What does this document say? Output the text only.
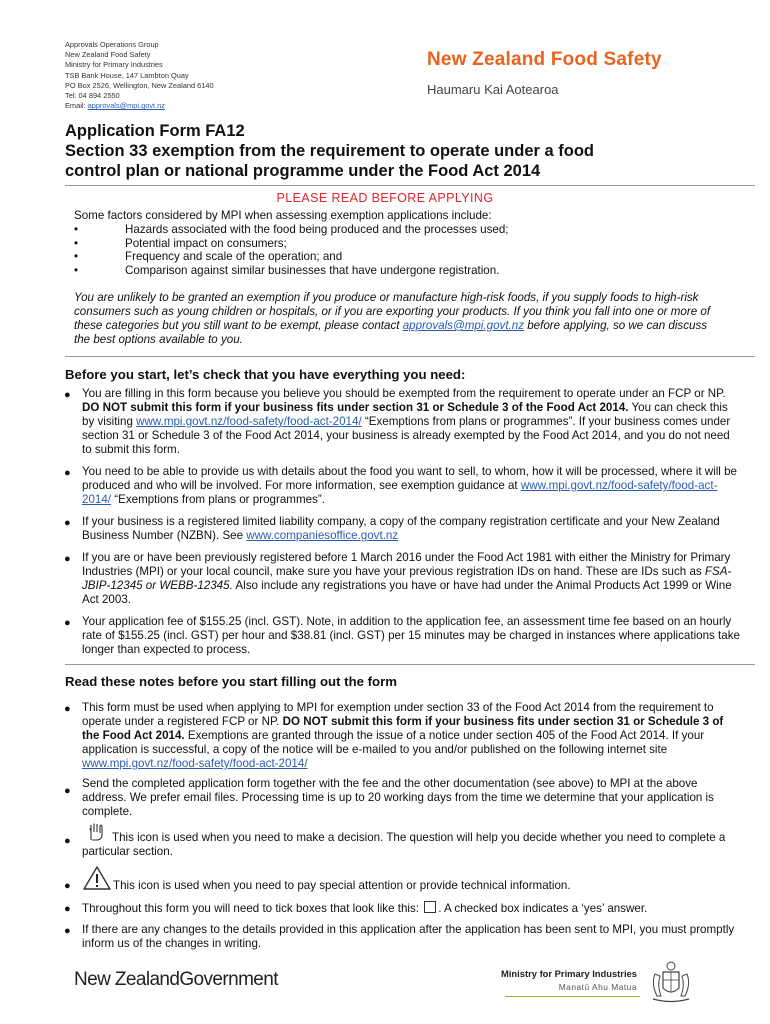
Approvals Operations Group
New Zealand Food Safety
Ministry for Primary Industries
TSB Bank House, 147 Lambton Quay
PO Box 2526, Wellington, New Zealand 6140
Tel: 04 894 2550
Email: approvals@mpi.govt.nz
New Zealand Food Safety
Haumaru Kai Aotearoa
Application Form FA12
Section 33 exemption from the requirement to operate under a food
control plan or national programme under the Food Act 2014
PLEASE READ BEFORE APPLYING
Some factors considered by MPI when assessing exemption applications include:
•	Hazards associated with the food being produced and the processes used;
•	Potential impact on consumers;
•	Frequency and scale of the operation; and
•	Comparison against similar businesses that have undergone registration.
You are unlikely to be granted an exemption if you produce or manufacture high-risk foods, if you supply foods to high-risk consumers such as young children or hospitals, or if you are exporting your products. If you think you fall into one or more of these categories but you still want to be exempt, please contact approvals@mpi.govt.nz before applying, so we can discuss the best options available to you.
Before you start, let’s check that you have everything you need:
● You are filling in this form because you believe you should be exempted from the requirement to operate under an FCP or NP. DO NOT submit this form if your business fits under section 31 or Schedule 3 of the Food Act 2014. You can check this by visiting www.mpi.govt.nz/food-safety/food-act-2014/ “Exemptions from plans or programmes”. If your business comes under section 31 or Schedule 3 of the Food Act 2014, your business is already exempted by the Food Act 2014, and you do not need to submit this form.
● You need to be able to provide us with details about the food you want to sell, to whom, how it will be processed, where it will be produced and who will be involved. For more information, see exemption guidance at www.mpi.govt.nz/food-safety/food-act-2014/ “Exemptions from plans or programmes”.
● If your business is a registered limited liability company, a copy of the company registration certificate and your New Zealand Business Number (NZBN). See www.companiesoffice.govt.nz
● If you are or have been previously registered before 1 March 2016 under the Food Act 1981 with either the Ministry for Primary Industries (MPI) or your local council, make sure you have your previous registration IDs on hand. These are IDs such as FSA-JBIP-12345 or WEBB-12345. Also include any registrations you have or have had under the Animal Products Act 1999 or Wine Act 2003.
● Your application fee of $155.25 (incl. GST). Note, in addition to the application fee, an assessment time fee based on an hourly rate of $155.25 (incl. GST) per hour and $38.81 (incl. GST) per 15 minutes may be charged in instances where applications take longer than expected to process.
Read these notes before you start filling out the form
● This form must be used when applying to MPI for exemption under section 33 of the Food Act 2014 from the requirement to operate under a registered FCP or NP. DO NOT submit this form if your business fits under section 31 or Schedule 3 of the Food Act 2014. Exemptions are granted through the issue of a notice under section 405 of the Food Act 2014. If your application is successful, a copy of the notice will be e-mailed to you and/or published on the following internet site www.mpi.govt.nz/food-safety/food-act-2014/
●
Send the completed application form together with the fee and the other documentation (see above) to MPI at the above address. We prefer email files. Processing time is up to 20 working days from the time we determine that your application is complete.
●	This icon is used when you need to make a decision. The question will help you decide whether you need to complete a particular section.
●	This icon is used when you need to pay special attention or provide technical information.
● Throughout this form you will need to tick boxes that look like this: . A checked box indicates a ‘yes’ answer.
● If there are any changes to the details provided in this application after the application has been sent to MPI, you must promptly inform us of the changes in writing.
New ZealandGovernment	Ministry for Primary Industries
Manatū Ahu Matua
